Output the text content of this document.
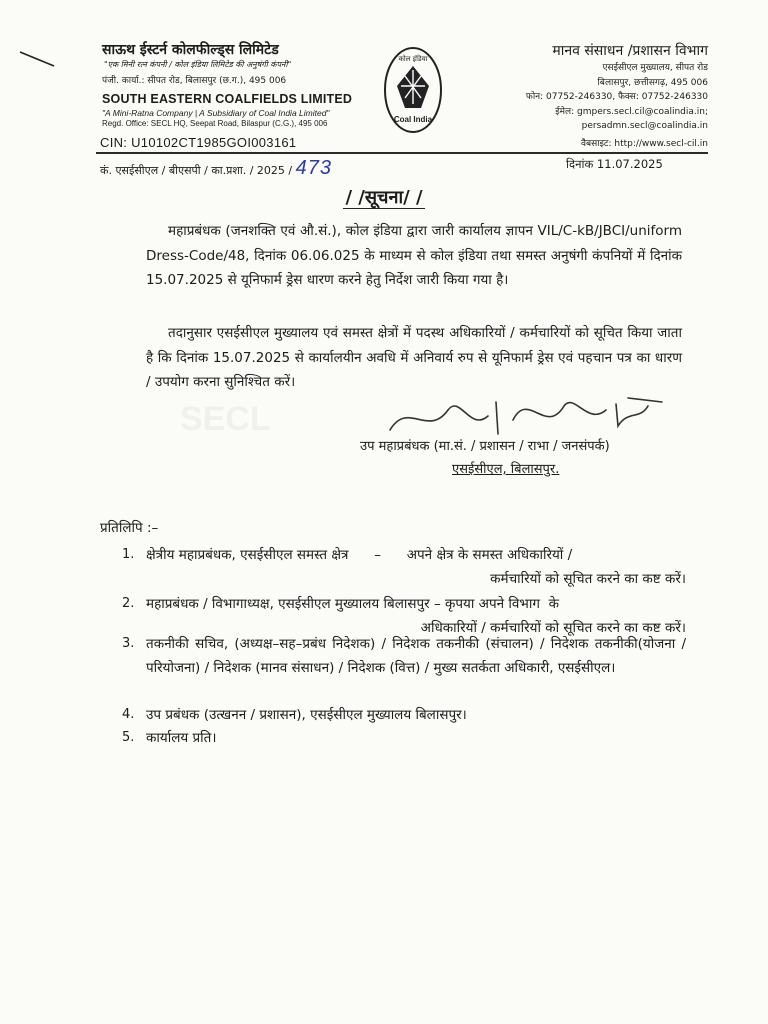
साऊथ ईस्टर्न कोलफील्ड्स लिमिटेड
"एक मिनी रत्न कंपनी / कोल इंडिया लिमिटेड की अनुषंगी कंपनी"
पंजी. कार्या.: सीपत रोड, बिलासपुर (छ.ग.), 495 006
SOUTH EASTERN COALFIELDS LIMITED
"A Mini-Ratna Company | A Subsidiary of Coal India Limited"
Regd. Office: SECL HQ, Seepat Road, Bilaspur (C.G.), 495 006
CIN: U10102CT1985GOI003161
कोल इंडिया
Coal India
मानव संसाधन /प्रशासन विभाग
एसईसीएल मुख्यालय, सीपत रोड
बिलासपुर, छत्तीसगढ़, 495 006
फोन: 07752-246330, फैक्स: 07752-246330
ईमेल: gmpers.secl.cil@coalindia.in;
persadmn.secl@coalindia.in
वैबसाइट: http://www.secl-cil.in
कं. एसईसीएल / बीएसपी / का.प्रशा. / 2025 / 473	दिनांक 11.07.2025
/ /सूचना/ /
महाप्रबंधक (जनशक्ति एवं औ.सं.), कोल इंडिया द्वारा जारी कार्यालय ज्ञापन VIL/C-kB/JBCI/uniform Dress-Code/48, दिनांक 06.06.025 के माध्यम से कोल इंडिया तथा समस्त अनुषंगी कंपनियों में दिनांक 15.07.2025 से यूनिफार्म ड्रेस धारण करने हेतु निर्देश जारी किया गया है।
तदानुसार एसईसीएल मुख्यालय एवं समस्त क्षेत्रों में पदस्थ अधिकारियों / कर्मचारियों को सूचित किया जाता है कि दिनांक 15.07.2025 से कार्यालयीन अवधि में अनिवार्य रुप से यूनिफार्म ड्रेस एवं पहचान पत्र का धारण / उपयोग करना सुनिश्चित करें।
उप महाप्रबंधक (मा.सं. / प्रशासन / राभा / जनसंपर्क)
एसईसीएल, बिलासपुर.
प्रतिलिपि :–
1. क्षेत्रीय महाप्रबंधक, एसईसीएल समस्त क्षेत्र      –      अपने क्षेत्र के समस्त अधिकारियों /
कर्मचारियों को सूचित करने का कष्ट करें।
2. महाप्रबंधक / विभागाध्यक्ष, एसईसीएल मुख्यालय बिलासपुर – कृपया अपने विभाग  के
अधिकारियों / कर्मचारियों को सूचित करने का कष्ट करें।
3. तकनीकी सचिव, (अध्यक्ष–सह–प्रबंध निदेशक) / निदेशक तकनीकी (संचालन) / निदेशक तकनीकी(योजना / परियोजना) / निदेशक (मानव संसाधन) / निदेशक (वित्त) / मुख्य सतर्कता अधिकारी, एसईसीएल।
4. उप प्रबंधक (उत्खनन / प्रशासन), एसईसीएल मुख्यालय बिलासपुर।
5. कार्यालय प्रति।
